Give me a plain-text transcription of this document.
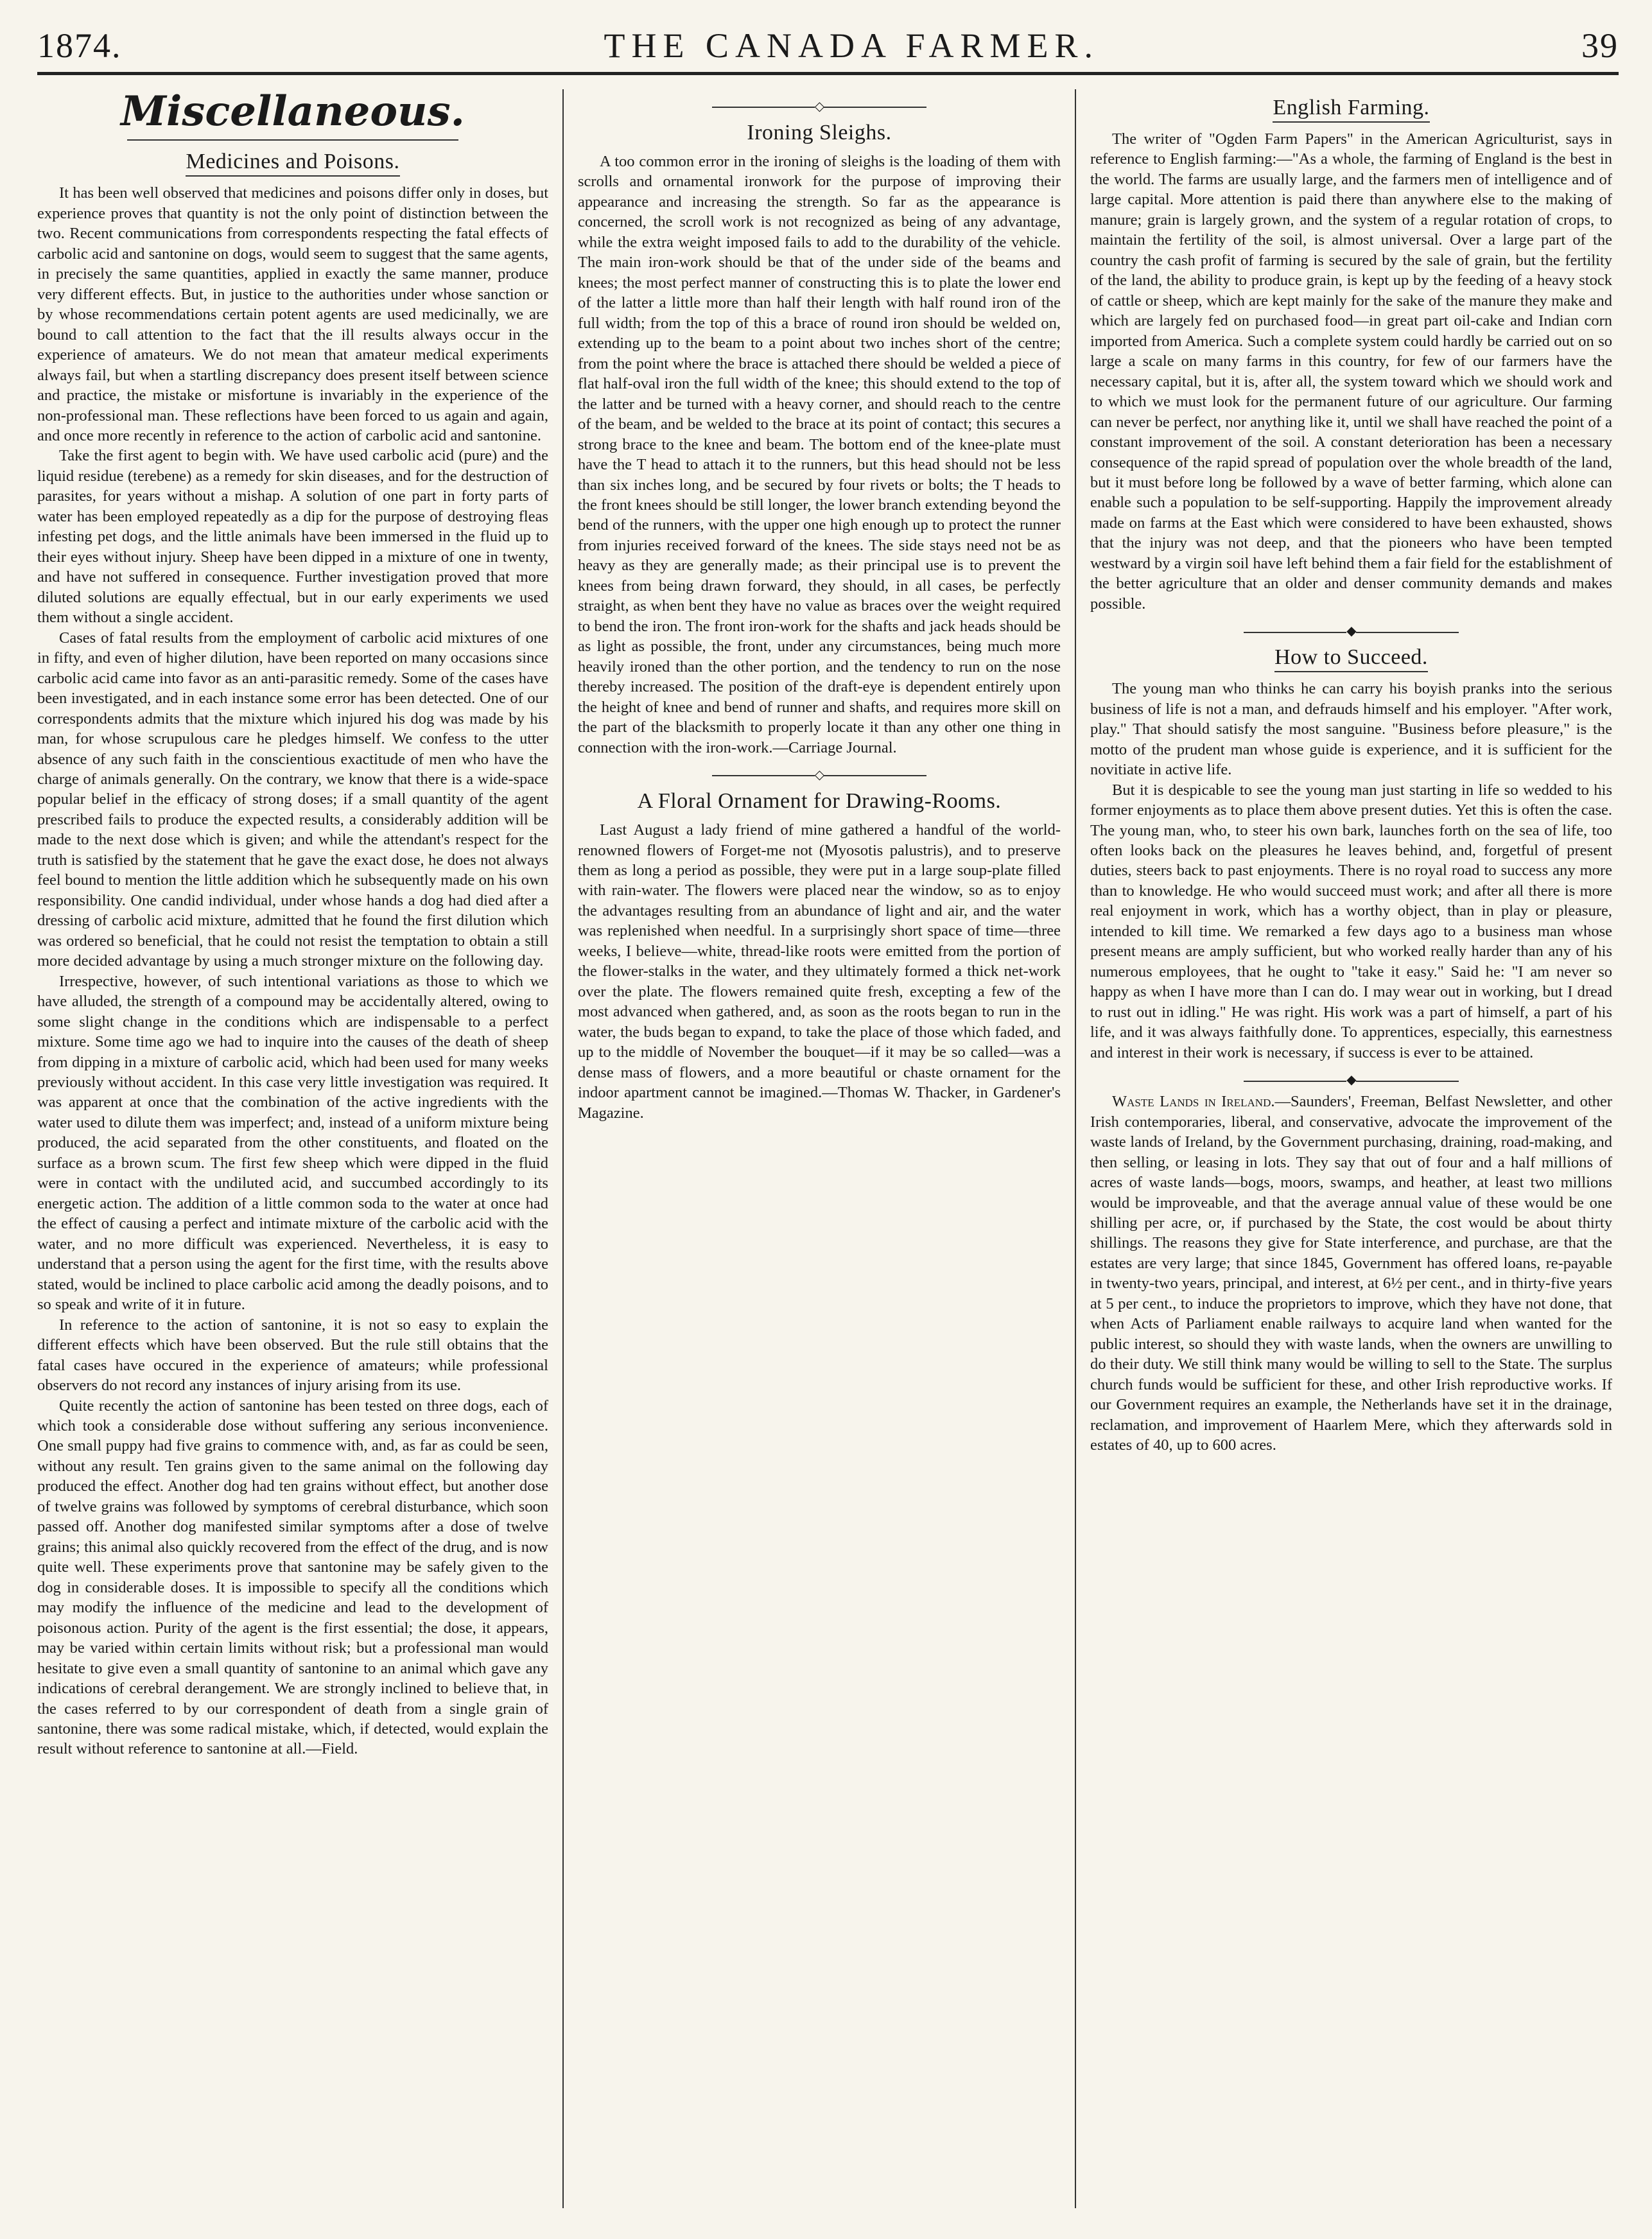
1874.	THE CANADA FARMER.	39
Miscellaneous.
Medicines and Poisons.

It has been well observed that medicines and poisons differ only in doses, but experience proves that quantity is not the only point of distinction between the two. Recent communications from correspondents respecting the fatal effects of carbolic acid and santonine on dogs, would seem to suggest that the same agents, in precisely the same quantities, applied in exactly the same manner, produce very different effects. But, in justice to the authorities under whose sanction or by whose recommendations certain potent agents are used medicinally, we are bound to call attention to the fact that the ill results always occur in the experience of amateurs. We do not mean that amateur medical experiments always fail, but when a startling discrepancy does present itself between science and practice, the mistake or misfortune is invariably in the experience of the non-professional man. These reflections have been forced to us again and again, and once more recently in reference to the action of carbolic acid and santonine.

Take the first agent to begin with. We have used carbolic acid (pure) and the liquid residue (terebene) as a remedy for skin diseases, and for the destruction of parasites, for years without a mishap. A solution of one part in forty parts of water has been employed repeatedly as a dip for the purpose of destroying fleas infesting pet dogs, and the little animals have been immersed in the fluid up to their eyes without injury. Sheep have been dipped in a mixture of one in twenty, and have not suffered in consequence. Further investigation proved that more diluted solutions are equally effectual, but in our early experiments we used them without a single accident.

Cases of fatal results from the employment of carbolic acid mixtures of one in fifty, and even of higher dilution, have been reported on many occasions since carbolic acid came into favor as an anti-parasitic remedy. Some of the cases have been investigated, and in each instance some error has been detected. One of our correspondents admits that the mixture which injured his dog was made by his man, for whose scrupulous care he pledges himself. We confess to the utter absence of any such faith in the conscientious exactitude of men who have the charge of animals generally. On the contrary, we know that there is a wide-space popular belief in the efficacy of strong doses; if a small quantity of the agent prescribed fails to produce the expected results, a considerably addition will be made to the next dose which is given; and while the attendant's respect for the truth is satisfied by the statement that he gave the exact dose, he does not always feel bound to mention the little addition which he subsequently made on his own responsibility. One candid individual, under whose hands a dog had died after a dressing of carbolic acid mixture, admitted that he found the first dilution which was ordered so beneficial, that he could not resist the temptation to obtain a still more decided advantage by using a much stronger mixture on the following day.

Irrespective, however, of such intentional variations as those to which we have alluded, the strength of a compound may be accidentally altered, owing to some slight change in the conditions which are indispensable to a perfect mixture. Some time ago we had to inquire into the causes of the death of sheep from dipping in a mixture of carbolic acid, which had been used for many weeks previously without accident. In this case very little investigation was required. It was apparent at once that the combination of the active ingredients with the water used to dilute them was imperfect; and, instead of a uniform mixture being produced, the acid separated from the other constituents, and floated on the surface as a brown scum. The first few sheep which were dipped in the fluid were in contact with the undiluted acid, and succumbed accordingly to its energetic action. The addition of a little common soda to the water at once had the effect of causing a perfect and intimate mixture of the carbolic acid with the water, and no more difficult was experienced. Nevertheless, it is easy to understand that a person using the agent for the first time, with the results above stated, would be inclined to place carbolic acid among the deadly poisons, and to so speak and write of it in future.

In reference to the action of santonine, it is not so easy to explain the different effects which have been observed. But the rule still obtains that the fatal cases have occured in the experience of amateurs; while professional observers do not record any instances of injury arising from its use.

Quite recently the action of santonine has been tested on three dogs, each of which took a considerable dose without suffering any serious inconvenience. One small puppy had five grains to commence with, and, as far as could be seen, without any result. Ten grains given to the same animal on the following day produced the effect. Another dog had ten grains without effect, but another dose of twelve grains was followed by symptoms of cerebral disturbance, which soon passed off. Another dog manifested similar symptoms after a dose of twelve grains; this animal also quickly recovered from the effect of the drug, and is now quite well. These experiments prove that santonine may be safely given to the dog in considerable doses. It is impossible to specify all the conditions which may modify the influence of the medicine and lead to the development of poisonous action. Purity of the agent is the first essential; the dose, it appears, may be varied within certain limits without risk; but a professional man would hesitate to give even a small quantity of santonine to an animal which gave any indications of cerebral derangement. We are strongly inclined to believe that, in the cases referred to by our correspondent of death from a single grain of santonine, there was some radical mistake, which, if detected, would explain the result without reference to santonine at all.—Field.

◇
Ironing Sleighs.

A too common error in the ironing of sleighs is the loading of them with scrolls and ornamental ironwork for the purpose of improving their appearance and increasing the strength. So far as the appearance is concerned, the scroll work is not recognized as being of any advantage, while the extra weight imposed fails to add to the durability of the vehicle. The main iron-work should be that of the under side of the beams and knees; the most perfect manner of constructing this is to plate the lower end of the latter a little more than half their length with half round iron of the full width; from the top of this a brace of round iron should be welded on, extending up to the beam to a point about two inches short of the centre; from the point where the brace is attached there should be welded a piece of flat half-oval iron the full width of the knee; this should extend to the top of the latter and be turned with a heavy corner, and should reach to the centre of the beam, and be welded to the brace at its point of contact; this secures a strong brace to the knee and beam. The bottom end of the knee-plate must have the T head to attach it to the runners, but this head should not be less than six inches long, and be secured by four rivets or bolts; the T heads to the front knees should be still longer, the lower branch extending beyond the bend of the runners, with the upper one high enough up to protect the runner from injuries received forward of the knees. The side stays need not be as heavy as they are generally made; as their principal use is to prevent the knees from being drawn forward, they should, in all cases, be perfectly straight, as when bent they have no value as braces over the weight required to bend the iron. The front iron-work for the shafts and jack heads should be as light as possible, the front, under any circumstances, being much more heavily ironed than the other portion, and the tendency to run on the nose thereby increased. The position of the draft-eye is dependent entirely upon the height of knee and bend of runner and shafts, and requires more skill on the part of the blacksmith to properly locate it than any other one thing in connection with the iron-work.—Carriage Journal.

◇
A Floral Ornament for Drawing-Rooms.

Last August a lady friend of mine gathered a handful of the world-renowned flowers of Forget-me not (Myosotis palustris), and to preserve them as long a period as possible, they were put in a large soup-plate filled with rain-water. The flowers were placed near the window, so as to enjoy the advantages resulting from an abundance of light and air, and the water was replenished when needful. In a surprisingly short space of time—three weeks, I believe—white, thread-like roots were emitted from the portion of the flower-stalks in the water, and they ultimately formed a thick net-work over the plate. The flowers remained quite fresh, excepting a few of the most advanced when gathered, and, as soon as the roots began to run in the water, the buds began to expand, to take the place of those which faded, and up to the middle of November the bouquet—if it may be so called—was a dense mass of flowers, and a more beautiful or chaste ornament for the indoor apartment cannot be imagined.—Thomas W. Thacker, in Gardener's Magazine.

English Farming.

The writer of "Ogden Farm Papers" in the American Agriculturist, says in reference to English farming:—"As a whole, the farming of England is the best in the world. The farms are usually large, and the farmers men of intelligence and of large capital. More attention is paid there than anywhere else to the making of manure; grain is largely grown, and the system of a regular rotation of crops, to maintain the fertility of the soil, is almost universal. Over a large part of the country the cash profit of farming is secured by the sale of grain, but the fertility of the land, the ability to produce grain, is kept up by the feeding of a heavy stock of cattle or sheep, which are kept mainly for the sake of the manure they make and which are largely fed on purchased food—in great part oil-cake and Indian corn imported from America. Such a complete system could hardly be carried out on so large a scale on many farms in this country, for few of our farmers have the necessary capital, but it is, after all, the system toward which we should work and to which we must look for the permanent future of our agriculture. Our farming can never be perfect, nor anything like it, until we shall have reached the point of a constant improvement of the soil. A constant deterioration has been a necessary consequence of the rapid spread of population over the whole breadth of the land, but it must before long be followed by a wave of better farming, which alone can enable such a population to be self-supporting. Happily the improvement already made on farms at the East which were considered to have been exhausted, shows that the injury was not deep, and that the pioneers who have been tempted westward by a virgin soil have left behind them a fair field for the establishment of the better agriculture that an older and denser community demands and makes possible.

◆
How to Succeed.

The young man who thinks he can carry his boyish pranks into the serious business of life is not a man, and defrauds himself and his employer. "After work, play." That should satisfy the most sanguine. "Business before pleasure," is the motto of the prudent man whose guide is experience, and it is sufficient for the novitiate in active life.

But it is despicable to see the young man just starting in life so wedded to his former enjoyments as to place them above present duties. Yet this is often the case. The young man, who, to steer his own bark, launches forth on the sea of life, too often looks back on the pleasures he leaves behind, and, forgetful of present duties, steers back to past enjoyments. There is no royal road to success any more than to knowledge. He who would succeed must work; and after all there is more real enjoyment in work, which has a worthy object, than in play or pleasure, intended to kill time. We remarked a few days ago to a business man whose present means are amply sufficient, but who worked really harder than any of his numerous employees, that he ought to "take it easy." Said he: "I am never so happy as when I have more than I can do. I may wear out in working, but I dread to rust out in idling." He was right. His work was a part of himself, a part of his life, and it was always faithfully done. To apprentices, especially, this earnestness and interest in their work is necessary, if success is ever to be attained.

◆

Waste Lands in Ireland.—Saunders', Freeman, Belfast Newsletter, and other Irish contemporaries, liberal, and conservative, advocate the improvement of the waste lands of Ireland, by the Government purchasing, draining, road-making, and then selling, or leasing in lots. They say that out of four and a half millions of acres of waste lands—bogs, moors, swamps, and heather, at least two millions would be improveable, and that the average annual value of these would be one shilling per acre, or, if purchased by the State, the cost would be about thirty shillings. The reasons they give for State interference, and purchase, are that the estates are very large; that since 1845, Government has offered loans, re-payable in twenty-two years, principal, and interest, at 6½ per cent., and in thirty-five years at 5 per cent., to induce the proprietors to improve, which they have not done, that when Acts of Parliament enable railways to acquire land when wanted for the public interest, so should they with waste lands, when the owners are unwilling to do their duty. We still think many would be willing to sell to the State. The surplus church funds would be sufficient for these, and other Irish reproductive works. If our Government requires an example, the Netherlands have set it in the drainage, reclamation, and improvement of Haarlem Mere, which they afterwards sold in estates of 40, up to 600 acres.
